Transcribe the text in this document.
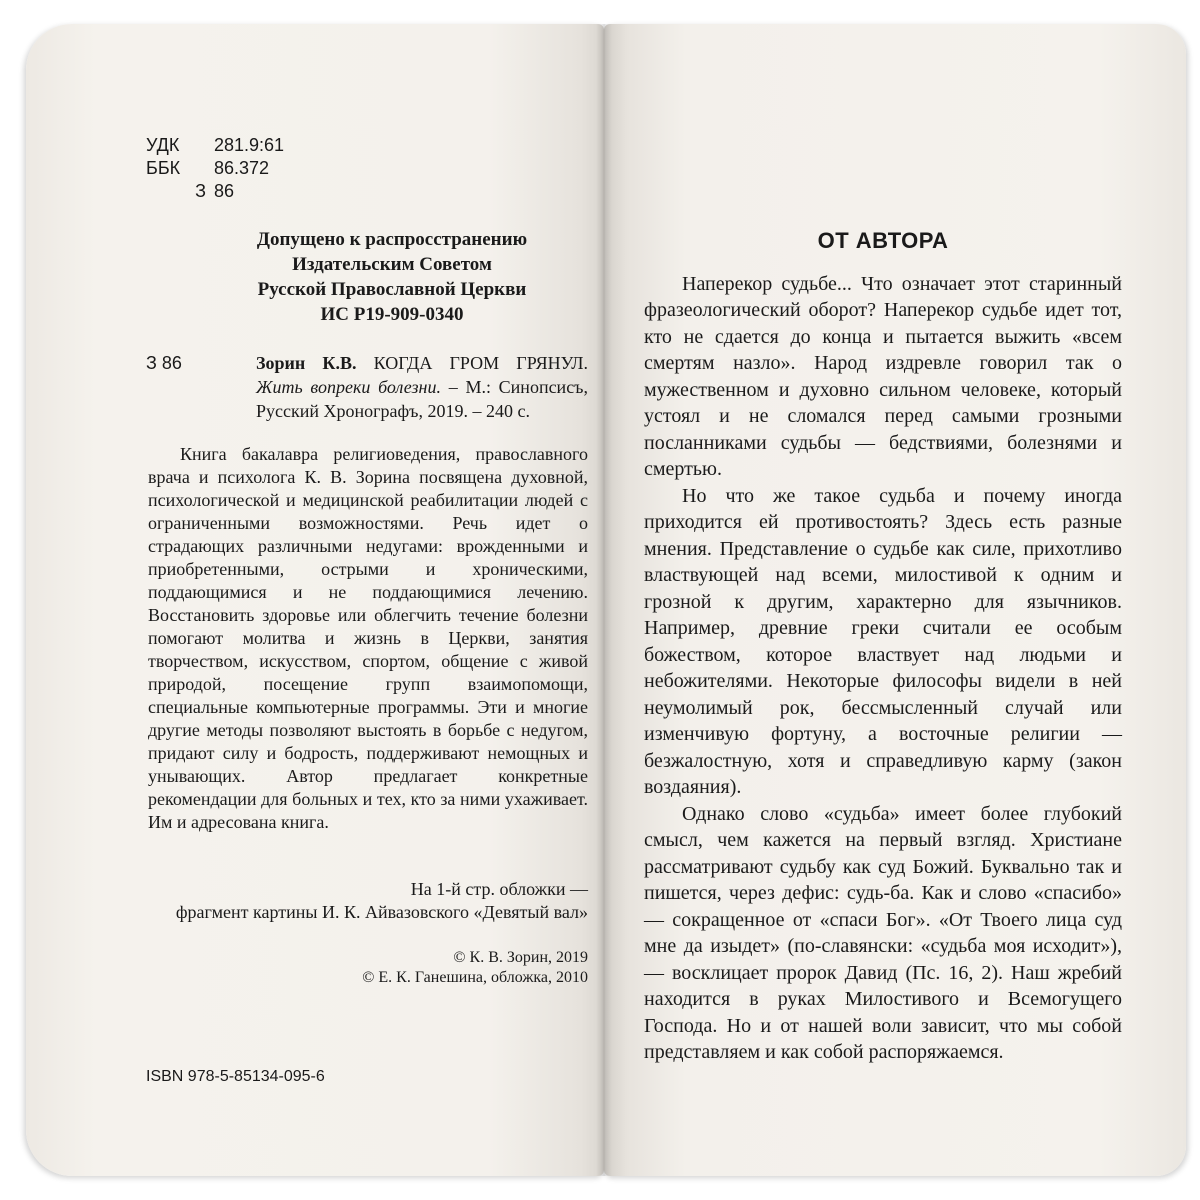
УДК	281.9:61
ББК	86.372
З 86
Допущено к распросстранению
Издательским Советом
Русской Православной Церкви
ИС Р19-909-0340
З 86	Зорин К.В. КОГДА ГРОМ ГРЯНУЛ. Жить вопреки болезни. – М.: Синопсисъ, Русский Хронографъ, 2019. – 240 с.

Книга бакалавра религиоведения, православного врача и психолога К. В. Зорина посвящена духовной, психологической и медицинской реабилитации людей с ограниченными возможностями. Речь идет о страдающих различными недугами: врожденными и приобретенными, острыми и хроническими, поддающимися и не поддающимися лечению. Восстановить здоровье или облегчить течение болезни помогают молитва и жизнь в Церкви, занятия творчеством, искусством, спортом, общение с живой природой, посещение групп взаимопомощи, специальные компьютерные программы. Эти и многие другие методы позволяют выстоять в борьбе с недугом, придают силу и бодрость, поддерживают немощных и унывающих. Автор предлагает конкретные рекомендации для больных и тех, кто за ними ухаживает. Им и адресована книга.

На 1-й стр. обложки —
фрагмент картины И. К. Айвазовского «Девятый вал»
© К. В. Зорин, 2019
© Е. К. Ганешина, обложка, 2010
ISBN 978-5-85134-095-6
ОТ АВТОРА

Наперекор судьбе... Что означает этот старинный фразеологический оборот? Наперекор судьбе идет тот, кто не сдается до конца и пытается выжить «всем смертям назло». Народ издревле говорил так о мужественном и духовно сильном человеке, который устоял и не сломался перед самыми грозными посланниками судьбы — бедствиями, болезнями и смертью.

Но что же такое судьба и почему иногда приходится ей противостоять? Здесь есть разные мнения. Представление о судьбе как силе, прихотливо властвующей над всеми, милостивой к одним и грозной к другим, характерно для язычников. Например, древние греки считали ее особым божеством, которое властвует над людьми и небожителями. Некоторые философы видели в ней неумолимый рок, бессмысленный случай или изменчивую фортуну, а восточные религии — безжалостную, хотя и справедливую карму (закон воздаяния).

Однако слово «судьба» имеет более глубокий смысл, чем кажется на первый взгляд. Христиане рассматривают судьбу как суд Божий. Буквально так и пишется, через дефис: судь-ба. Как и слово «спасибо» — сокращенное от «спаси Бог». «От Твоего лица суд мне да изыдет» (по-славянски: «судьба моя исходит»), — восклицает пророк Давид (Пс. 16, 2). Наш жребий находится в руках Милостивого и Всемогущего Господа. Но и от нашей воли зависит, что мы собой представляем и как собой распоряжаемся.
